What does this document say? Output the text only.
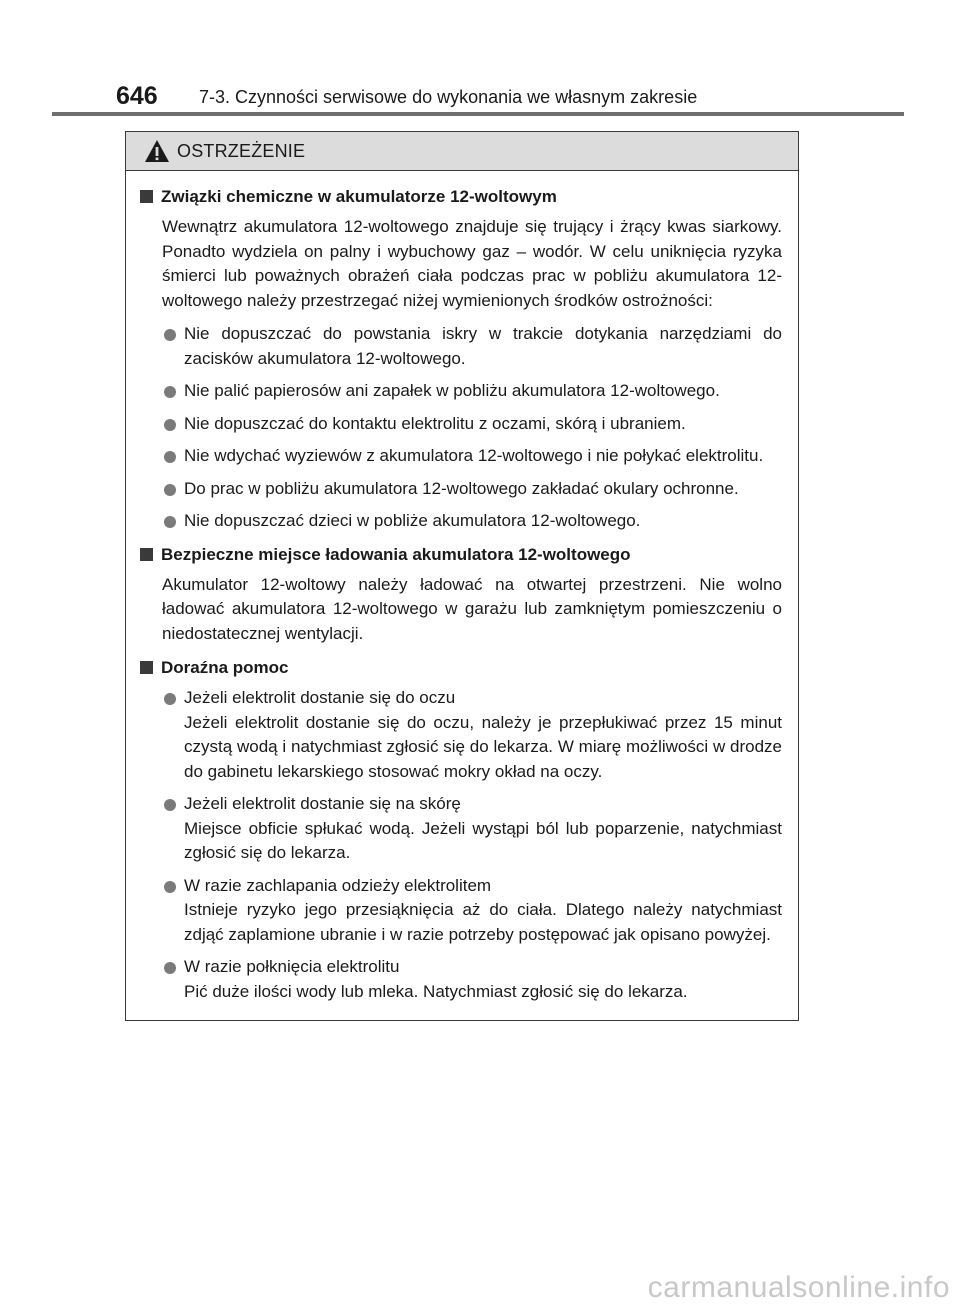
646 7-3. Czynności serwisowe do wykonania we własnym zakresie
OSTRZEŻENIE
Związki chemiczne w akumulatorze 12-woltowym
Wewnątrz akumulatora 12-woltowego znajduje się trujący i żrący kwas siarkowy. Ponadto wydziela on palny i wybuchowy gaz – wodór. W celu uniknięcia ryzyka śmierci lub poważnych obrażeń ciała podczas prac w pobliżu akumulatora 12-woltowego należy przestrzegać niżej wymienionych środków ostrożności:
Nie dopuszczać do powstania iskry w trakcie dotykania narzędziami do zacisków akumulatora 12-woltowego.
Nie palić papierosów ani zapałek w pobliżu akumulatora 12-woltowego.
Nie dopuszczać do kontaktu elektrolitu z oczami, skórą i ubraniem.
Nie wdychać wyziewów z akumulatora 12-woltowego i nie połykać elektrolitu.
Do prac w pobliżu akumulatora 12-woltowego zakładać okulary ochronne.
Nie dopuszczać dzieci w pobliże akumulatora 12-woltowego.
Bezpieczne miejsce ładowania akumulatora 12-woltowego
Akumulator 12-woltowy należy ładować na otwartej przestrzeni. Nie wolno ładować akumulatora 12-woltowego w garażu lub zamkniętym pomieszczeniu o niedostatecznej wentylacji.
Doraźna pomoc
Jeżeli elektrolit dostanie się do oczu
Jeżeli elektrolit dostanie się do oczu, należy je przepłukiwać przez 15 minut czystą wodą i natychmiast zgłosić się do lekarza. W miarę możliwości w drodze do gabinetu lekarskiego stosować mokry okład na oczy.
Jeżeli elektrolit dostanie się na skórę
Miejsce obficie spłukać wodą. Jeżeli wystąpi ból lub poparzenie, natychmiast zgłosić się do lekarza.
W razie zachlapania odzieży elektrolitem
Istnieje ryzyko jego przesiąknięcia aż do ciała. Dlatego należy natychmiast zdjąć zaplamione ubranie i w razie potrzeby postępować jak opisano powyżej.
W razie połknięcia elektrolitu
Pić duże ilości wody lub mleka. Natychmiast zgłosić się do lekarza.
carmanualsonline.info
